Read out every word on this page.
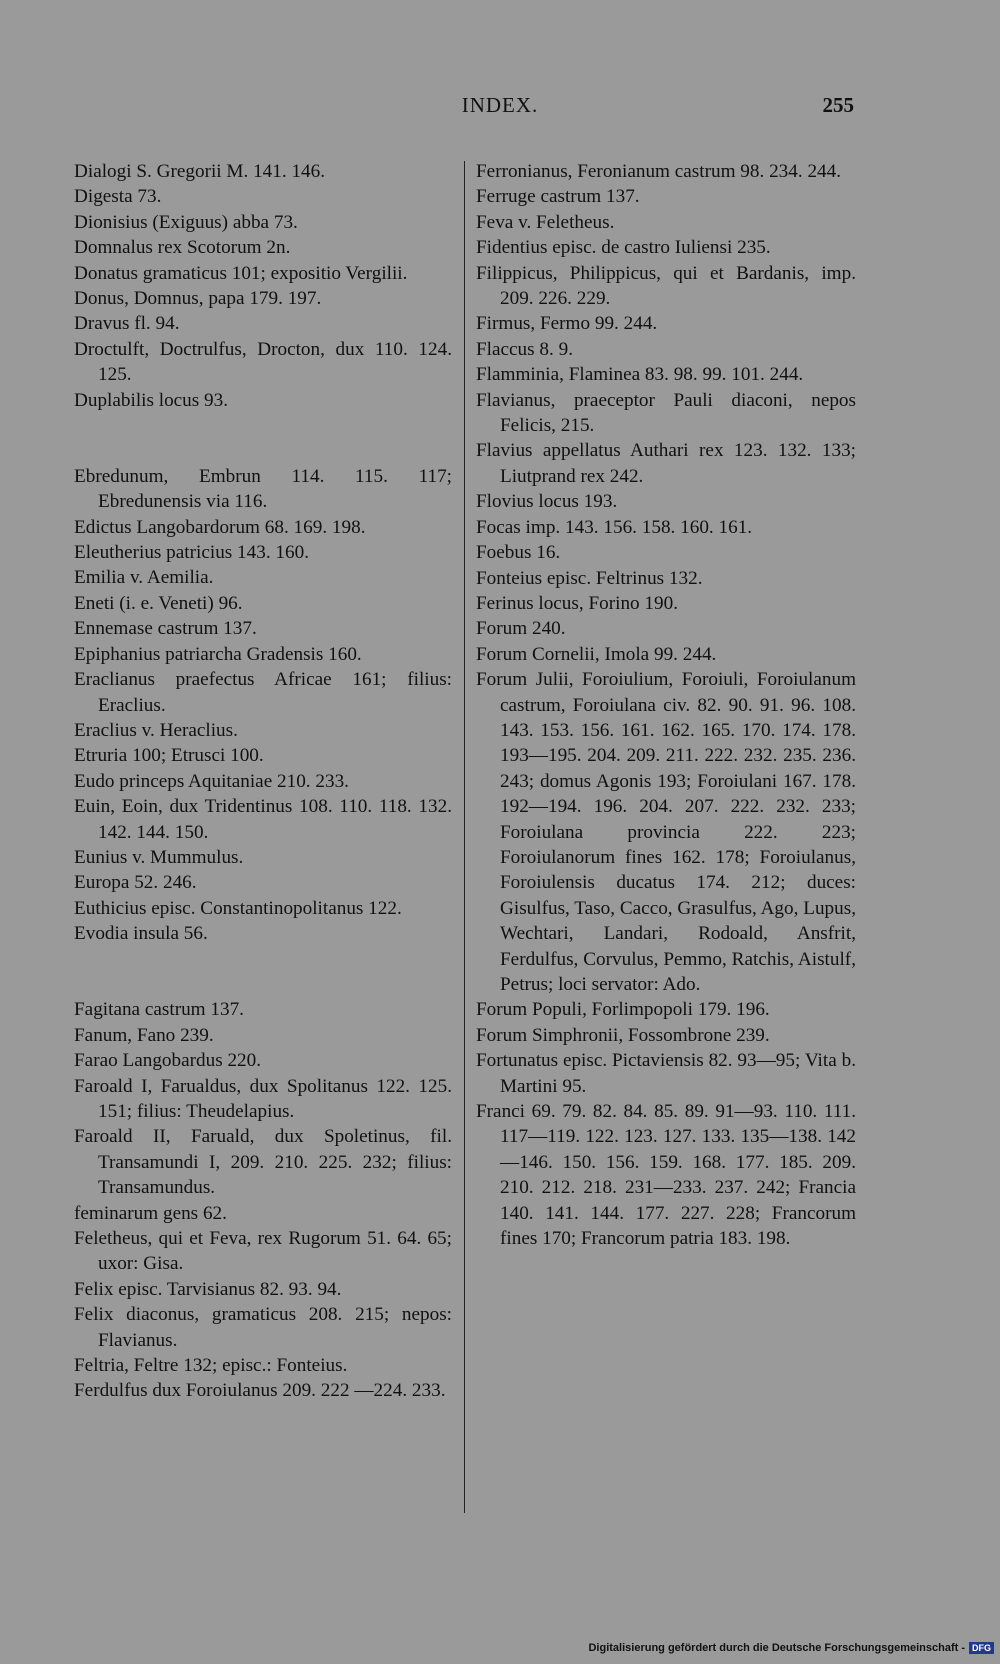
INDEX.	255
Dialogi S. Gregorii M. 141. 146.
Digesta 73.
Dionisius (Exiguus) abba 73.
Domnalus rex Scotorum 2n.
Donatus gramaticus 101; expositio Vergilii.
Donus, Domnus, papa 179. 197.
Dravus fl. 94.
Droctulft, Doctrulfus, Drocton, dux 110. 124. 125.
Duplabilis locus 93.
Ebredunum, Embrun 114. 115. 117; Ebredunensis via 116.
Edictus Langobardorum 68. 169. 198.
Eleutherius patricius 143. 160.
Emilia v. Aemilia.
Eneti (i. e. Veneti) 96.
Ennemase castrum 137.
Epiphanius patriarcha Gradensis 160.
Eraclianus praefectus Africae 161; filius: Eraclius.
Eraclius v. Heraclius.
Etruria 100; Etrusci 100.
Eudo princeps Aquitaniae 210. 233.
Euin, Eoin, dux Tridentinus 108. 110. 118. 132. 142. 144. 150.
Eunius v. Mummulus.
Europa 52. 246.
Euthicius episc. Constantinopolitanus 122.
Evodia insula 56.
Fagitana castrum 137.
Fanum, Fano 239.
Farao Langobardus 220.
Faroald I, Farualdus, dux Spolitanus 122. 125. 151; filius: Theudelapius.
Faroald II, Faruald, dux Spoletinus, fil. Transamundi I, 209. 210. 225. 232; filius: Transamundus.
feminarum gens 62.
Feletheus, qui et Feva, rex Rugorum 51. 64. 65; uxor: Gisa.
Felix episc. Tarvisianus 82. 93. 94.
Felix diaconus, gramaticus 208. 215; nepos: Flavianus.
Feltria, Feltre 132; episc.: Fonteius.
Ferdulfus dux Foroiulanus 209. 222 —224. 233.
Ferronianus, Feronianum castrum 98. 234. 244.
Ferruge castrum 137.
Feva v. Feletheus.
Fidentius episc. de castro Iuliensi 235.
Filippicus, Philippicus, qui et Bardanis, imp. 209. 226. 229.
Firmus, Fermo 99. 244.
Flaccus 8. 9.
Flamminia, Flaminea 83. 98. 99. 101. 244.
Flavianus, praeceptor Pauli diaconi, nepos Felicis, 215.
Flavius appellatus Authari rex 123. 132. 133; Liutprand rex 242.
Flovius locus 193.
Focas imp. 143. 156. 158. 160. 161.
Foebus 16.
Fonteius episc. Feltrinus 132.
Ferinus locus, Forino 190.
Forum 240.
Forum Cornelii, Imola 99. 244.
Forum Julii, Foroiulium, Foroiuli, Foroiulanum castrum, Foroiulana civ. 82. 90. 91. 96. 108. 143. 153. 156. 161. 162. 165. 170. 174. 178. 193—195. 204. 209. 211. 222. 232. 235. 236. 243; domus Agonis 193; Foroiulani 167. 178. 192—194. 196. 204. 207. 222. 232. 233; Foroiulana provincia 222. 223; Foroiulanorum fines 162. 178; Foroiulanus, Foroiulensis ducatus 174. 212; duces: Gisulfus, Taso, Cacco, Grasulfus, Ago, Lupus, Wechtari, Landari, Rodoald, Ansfrit, Ferdulfus, Corvulus, Pemmo, Ratchis, Aistulf, Petrus; loci servator: Ado.
Forum Populi, Forlimpopoli 179. 196.
Forum Simphronii, Fossombrone 239.
Fortunatus episc. Pictaviensis 82. 93—95; Vita b. Martini 95.
Franci 69. 79. 82. 84. 85. 89. 91—93. 110. 111. 117—119. 122. 123. 127. 133. 135—138. 142—146. 150. 156. 159. 168. 177. 185. 209. 210. 212. 218. 231—233. 237. 242; Francia 140. 141. 144. 177. 227. 228; Francorum fines 170; Francorum patria 183. 198.
Digitalisierung gefördert durch die Deutsche Forschungsgemeinschaft - DFG
